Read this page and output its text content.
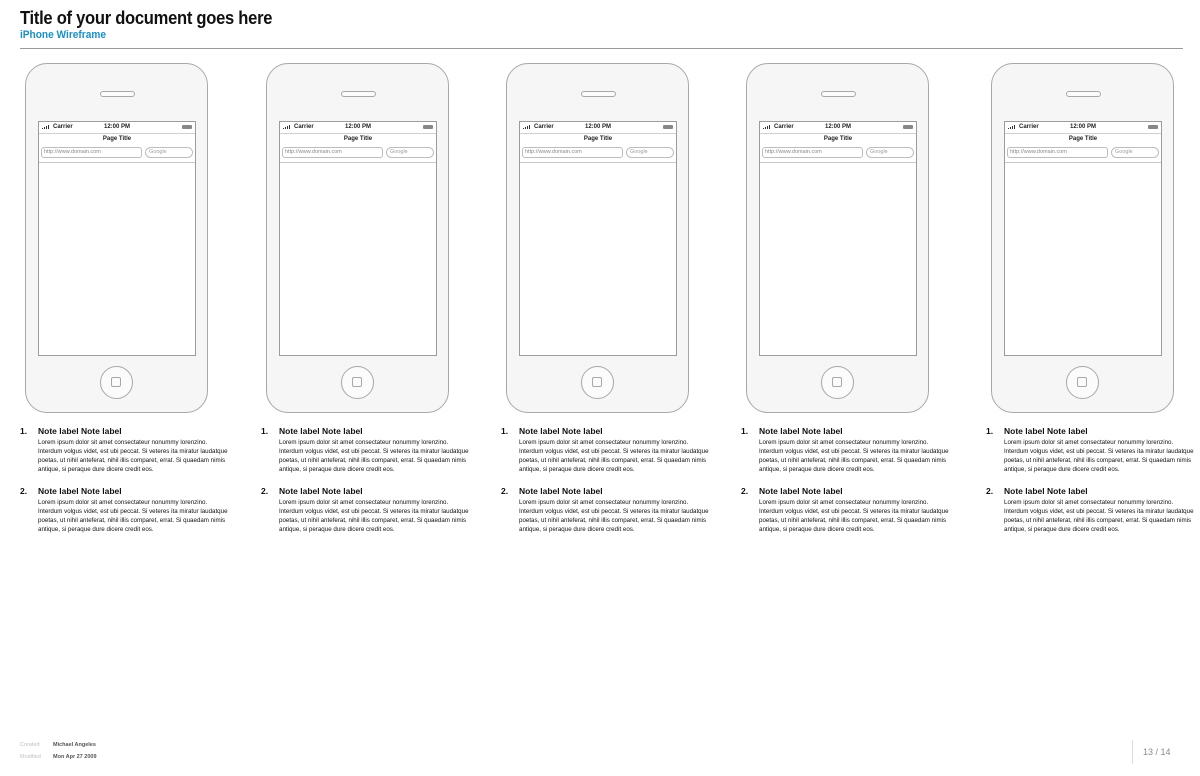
Title of your document goes here
iPhone Wireframe
Carrier	12:00 PM
Page Title
http://www.domain.com	Google
1. Note label Note label
Lorem ipsum dolor sit amet consectateur nonummy lorenzino. Interdum volgus videt, est ubi peccat. Si veteres ita miratur laudatque poetas, ut nihil anteferat, nihil illis comparet, errat. Si quaedam nimis antique, si peraque dure dicere credit eos.
2. Note label Note label
Lorem ipsum dolor sit amet consectateur nonummy lorenzino. Interdum volgus videt, est ubi peccat. Si veteres ita miratur laudatque poetas, ut nihil anteferat, nihil illis comparet, errat. Si quaedam nimis antique, si peraque dure dicere credit eos.
Carrier	12:00 PM
Page Title
http://www.domain.com	Google
1. Note label Note label
Lorem ipsum dolor sit amet consectateur nonummy lorenzino. Interdum volgus videt, est ubi peccat. Si veteres ita miratur laudatque poetas, ut nihil anteferat, nihil illis comparet, errat. Si quaedam nimis antique, si peraque dure dicere credit eos.
2. Note label Note label
Lorem ipsum dolor sit amet consectateur nonummy lorenzino. Interdum volgus videt, est ubi peccat. Si veteres ita miratur laudatque poetas, ut nihil anteferat, nihil illis comparet, errat. Si quaedam nimis antique, si peraque dure dicere credit eos.
Carrier	12:00 PM
Page Title
http://www.domain.com	Google
1. Note label Note label
Lorem ipsum dolor sit amet consectateur nonummy lorenzino. Interdum volgus videt, est ubi peccat. Si veteres ita miratur laudatque poetas, ut nihil anteferat, nihil illis comparet, errat. Si quaedam nimis antique, si peraque dure dicere credit eos.
2. Note label Note label
Lorem ipsum dolor sit amet consectateur nonummy lorenzino. Interdum volgus videt, est ubi peccat. Si veteres ita miratur laudatque poetas, ut nihil anteferat, nihil illis comparet, errat. Si quaedam nimis antique, si peraque dure dicere credit eos.
Carrier	12:00 PM
Page Title
http://www.domain.com	Google
1. Note label Note label
Lorem ipsum dolor sit amet consectateur nonummy lorenzino. Interdum volgus videt, est ubi peccat. Si veteres ita miratur laudatque poetas, ut nihil anteferat, nihil illis comparet, errat. Si quaedam nimis antique, si peraque dure dicere credit eos.
2. Note label Note label
Lorem ipsum dolor sit amet consectateur nonummy lorenzino. Interdum volgus videt, est ubi peccat. Si veteres ita miratur laudatque poetas, ut nihil anteferat, nihil illis comparet, errat. Si quaedam nimis antique, si peraque dure dicere credit eos.
Carrier	12:00 PM
Page Title
http://www.domain.com	Google
1. Note label Note label
Lorem ipsum dolor sit amet consectateur nonummy lorenzino. Interdum volgus videt, est ubi peccat. Si veteres ita miratur laudatque poetas, ut nihil anteferat, nihil illis comparet, errat. Si quaedam nimis antique, si peraque dure dicere credit eos.
2. Note label Note label
Lorem ipsum dolor sit amet consectateur nonummy lorenzino. Interdum volgus videt, est ubi peccat. Si veteres ita miratur laudatque poetas, ut nihil anteferat, nihil illis comparet, errat. Si quaedam nimis antique, si peraque dure dicere credit eos.
Created Michael Angeles
Modified Mon Apr 27 2009	13 / 14
